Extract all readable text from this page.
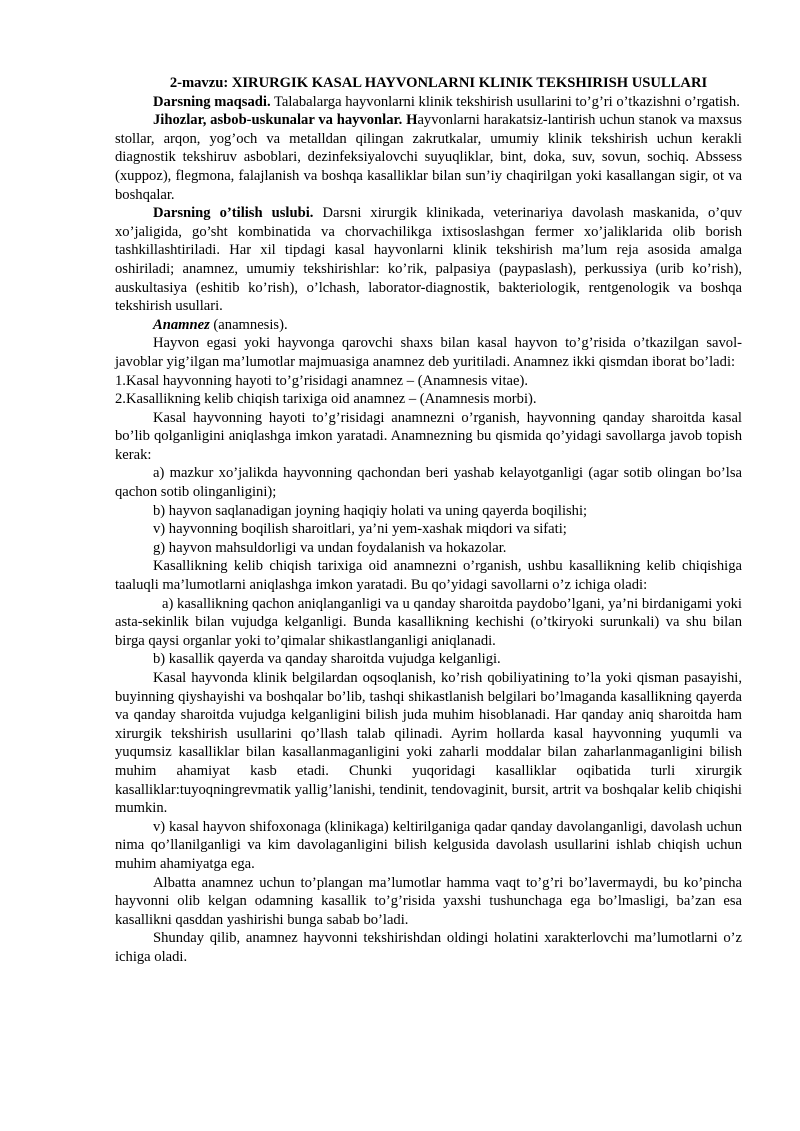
2-mavzu: XIRURGIK KASAL HAYVONLARNI KLINIK TEKSHIRISH USULLARI

Darsning maqsadi. Talabalarga hayvonlarni klinik tekshirish usullarini to’g’ri o’tkazishni o’rgatish.

Jihozlar, asbob-uskunalar va hayvonlar. Hayvonlarni harakatsiz-lantirish uchun stanok va maxsus stollar, arqon, yog’och va metalldan qilingan zakrutkalar, umumiy klinik tekshirish uchun kerakli diagnostik tekshiruv asboblari, dezinfeksiyalovchi suyuqliklar, bint, doka, suv, sovun, sochiq. Abssess (xuppoz), flegmona, falajlanish va boshqa kasalliklar bilan sun’iy chaqirilgan yoki kasallangan sigir, ot va boshqalar.

Darsning o’tilish uslubi. Darsni xirurgik klinikada, veterinariya davolash maskanida, o’quv xo’jaligida, go’sht kombinatida va chorvachilikga ixtisoslashgan fermer xo’jaliklarida olib borish tashkillashtiriladi. Har xil tipdagi kasal hayvonlarni klinik tekshirish ma’lum reja asosida amalga oshiriladi; anamnez, umumiy tekshirishlar: ko’rik, palpasiya (paypaslash), perkussiya (urib ko’rish), auskultasiya (eshitib ko’rish), o’lchash, laborator-diagnostik, bakteriologik, rentgenologik va boshqa tekshirish usullari.

Anamnez (anamnesis).

Hayvon egasi yoki hayvonga qarovchi shaxs bilan kasal hayvon to’g’risida o’tkazilgan savol-javoblar yig’ilgan ma’lumotlar majmuasiga anamnez deb yuritiladi. Anamnez ikki qismdan iborat bo’ladi:

1.Kasal hayvonning hayoti to’g’risidagi anamnez – (Anamnesis vitae).

2.Kasallikning kelib chiqish tarixiga oid anamnez – (Anamnesis morbi).

Kasal hayvonning hayoti to’g’risidagi anamneznі o’rganish, hayvonning qanday sharoitda kasal bo’lib qolganligini aniqlashga imkon yaratadi. Anamnezning bu qismida qo’yidagi savollarga javob topish kerak:

a) mazkur xo’jalikda hayvonning qachondan beri yashab kelayotganligi (agar sotib olingan bo’lsa qachon sotib olinganligini);

b) hayvon saqlanadigan joyning haqiqiy holati va uning qayerda boqilishi;

v) hayvonning boqilish sharoitlari, ya’ni yem-xashak miqdori va sifati;

g) hayvon mahsuldorligi va undan foydalanish va hokazolar.

Kasallikning kelib chiqish tarixiga oid anamnezni o’rganish, ushbu kasallikning kelib chiqishiga taaluqli ma’lumotlarni aniqlashga imkon yaratadi. Bu qo’yidagi savollarni o’z ichiga oladi:

a) kasallikning qachon aniqlanganligi va u qanday sharoitda paydobo’lgani, ya’ni birdanigami yoki asta-sekinlik bilan vujudga kelganligi. Bunda kasallikning kechishi (o’tkiryoki surunkali) va shu bilan birga qaysi organlar yoki to’qimalar shikastlanganligi aniqlanadi.

b) kasallik qayerda va qanday sharoitda vujudga kelganligi.

Kasal hayvonda klinik belgilardan oqsoqlanish, ko’rish qobiliyatining to’la yoki qisman pasayishi, buyinning qiyshayishi va boshqalar bo’lib, tashqi shikastlanish belgilari bo’lmaganda kasallikning qayerda va qanday sharoitda vujudga kelganligini bilish juda muhim hisoblanadi. Har qanday aniq sharoitda ham xirurgik tekshirish usullarini qo’llash talab qilinadi. Ayrim hollarda kasal hayvonning yuqumli va yuqumsiz kasalliklar bilan kasallanmaganligini yoki zaharli moddalar bilan zaharlanmaganligini bilish muhim ahamiyat kasb etadi. Chunki yuqoridagi kasalliklar oqibatida turli xirurgik kasalliklar:tuyoqningrevmatik yallig’lanishi, tendinit, tendovaginit, bursit, artrit va boshqalar kelib chiqishi mumkin.

v) kasal hayvon shifoxonaga (klinikaga) keltirilganiga qadar qanday davolanganligi, davolash uchun nima qo’llanilganligi va kim davolaganligini bilish kelgusida davolash usullarini ishlab chiqish uchun muhim ahamiyatga ega.

Albatta anamnez uchun to’plangan ma’lumotlar hamma vaqt to’g’ri bo’lavermaydi, bu ko’pincha hayvonni olib kelgan odamning kasallik to’g’risida yaxshi tushunchaga ega bo’lmasligi, ba’zan esa kasallikni qasddan yashirishi bunga sabab bo’ladi.

Shunday qilib, anamnez hayvonni tekshirishdan oldingi holatini xarakterlovchi ma’lumotlarni o’z ichiga oladi.
